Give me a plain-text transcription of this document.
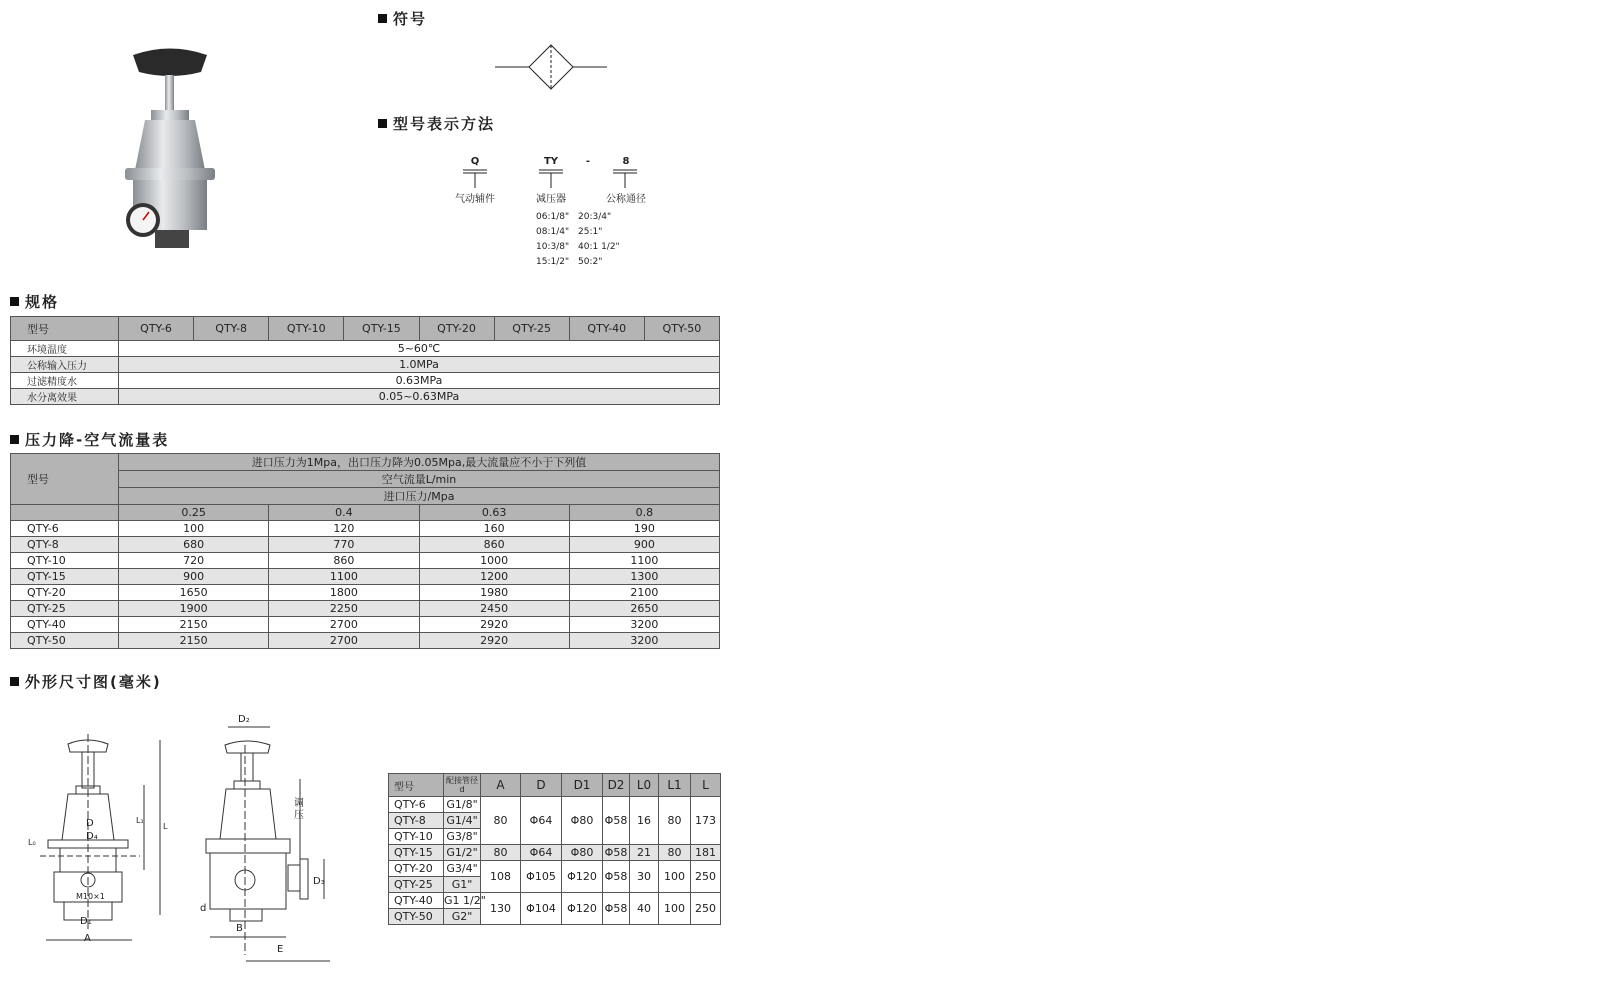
符号
型号表示方法
Q	TY	-	8
气动辅件	减压器	公称通径
06:1/8"
08:1/4"
10:3/8"
15:1/2"
20:3/4"
25:1"
40:1 1/2"
50:2"
规格
型号	QTY-6	QTY-8	QTY-10	QTY-15	QTY-20	QTY-25	QTY-40	QTY-50
环境温度	5~60℃							
公称输入压力	1.0MPa							
过滤精度水	0.63MPa							
水分离效果	0.05~0.63MPa							
压力降-空气流量表
型号	进口压力为1Mpa，出口压力降为0.05Mpa,最大流量应不小于下列值			
	空气流量L/min			
	进口压力/Mpa			
	0.25	0.4	0.63	0.8
QTY-6	100	120	160	190
QTY-8	680	770	860	900
QTY-10	720	860	1000	1100
QTY-15	900	1100	1200	1300
QTY-20	1650	1800	1980	2100
QTY-25	1900	2250	2450	2650
QTY-40	2150	2700	2920	3200
QTY-50	2150	2700	2920	3200
外形尺寸图(毫米)
D
D₄
M10×1
D₁
A
L
L₁
L₀
D₂
调压
D₃
d
B
E
型号	配接管径d	A	D	D1	D2	L0	L1	L
QTY-6	G1/8"	80	Φ64	Φ80	Φ58	16	80	173
QTY-8	G1/4"							
QTY-10	G3/8"							
QTY-15	G1/2"	80	Φ64	Φ80	Φ58	21	80	181
QTY-20	G3/4"	108	Φ105	Φ120	Φ58	30	100	250
QTY-25	G1"							
QTY-40	G1 1/2"	130	Φ104	Φ120	Φ58	40	100	250
QTY-50	G2"							
